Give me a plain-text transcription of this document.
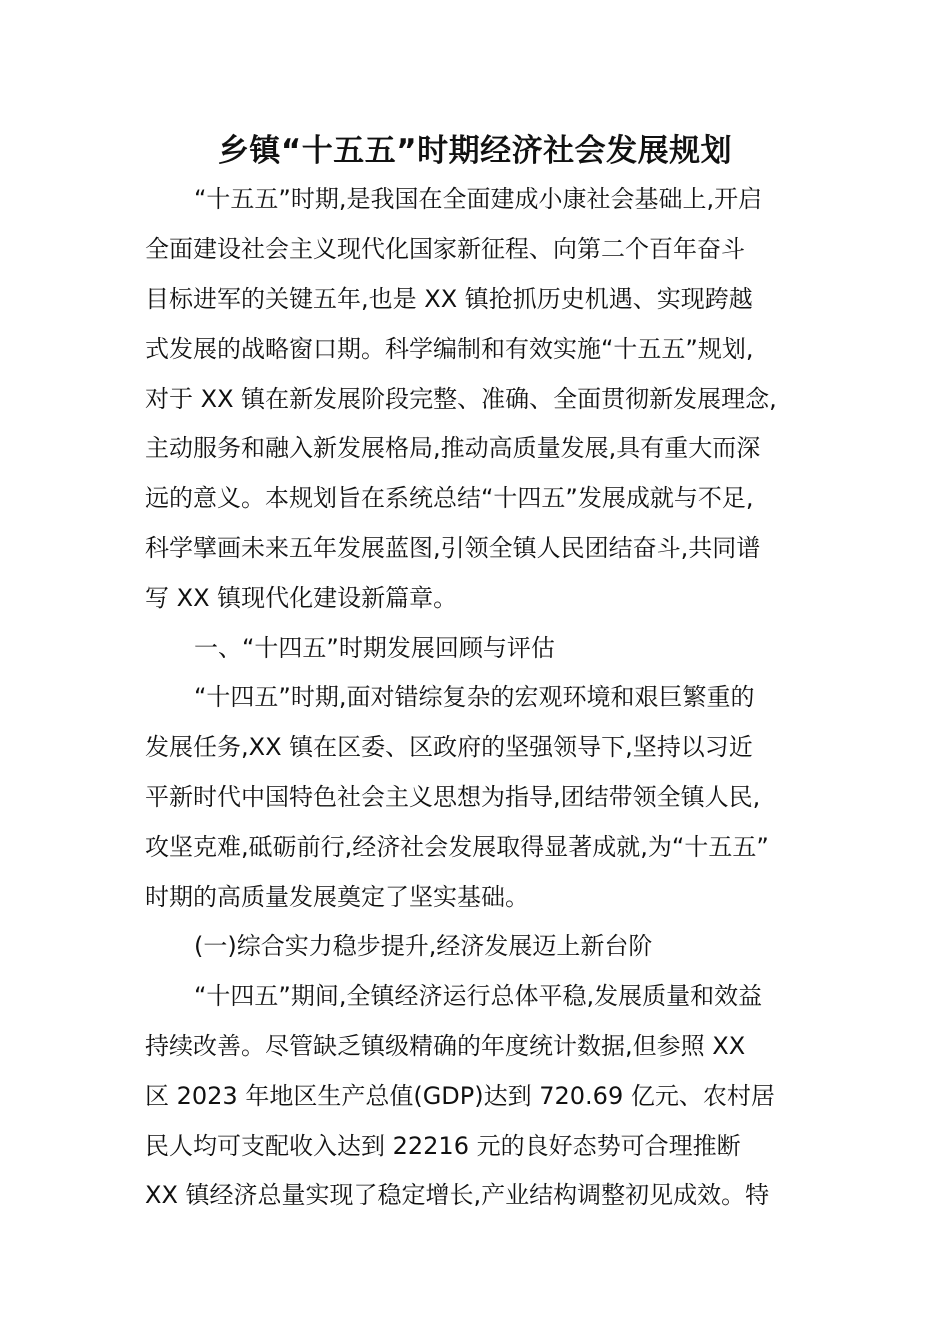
乡镇“十五五”时期经济社会发展规划
“十五五”时期,是我国在全面建成小康社会基础上,开启
全面建设社会主义现代化国家新征程、向第二个百年奋斗
目标进军的关键五年,也是 XX 镇抢抓历史机遇、实现跨越
式发展的战略窗口期。科学编制和有效实施“十五五”规划,
对于 XX 镇在新发展阶段完整、准确、全面贯彻新发展理念,
主动服务和融入新发展格局,推动高质量发展,具有重大而深
远的意义。本规划旨在系统总结“十四五”发展成就与不足,
科学擘画未来五年发展蓝图,引领全镇人民团结奋斗,共同谱
写 XX 镇现代化建设新篇章。
一、“十四五”时期发展回顾与评估
“十四五”时期,面对错综复杂的宏观环境和艰巨繁重的
发展任务,XX 镇在区委、区政府的坚强领导下,坚持以习近
平新时代中国特色社会主义思想为指导,团结带领全镇人民,
攻坚克难,砥砺前行,经济社会发展取得显著成就,为“十五五”
时期的高质量发展奠定了坚实基础。
(一)综合实力稳步提升,经济发展迈上新台阶
“十四五”期间,全镇经济运行总体平稳,发展质量和效益
持续改善。尽管缺乏镇级精确的年度统计数据,但参照 XX
区 2023 年地区生产总值(GDP)达到 720.69 亿元、农村居
民人均可支配收入达到 22216 元的良好态势可合理推断
XX 镇经济总量实现了稳定增长,产业结构调整初见成效。特
